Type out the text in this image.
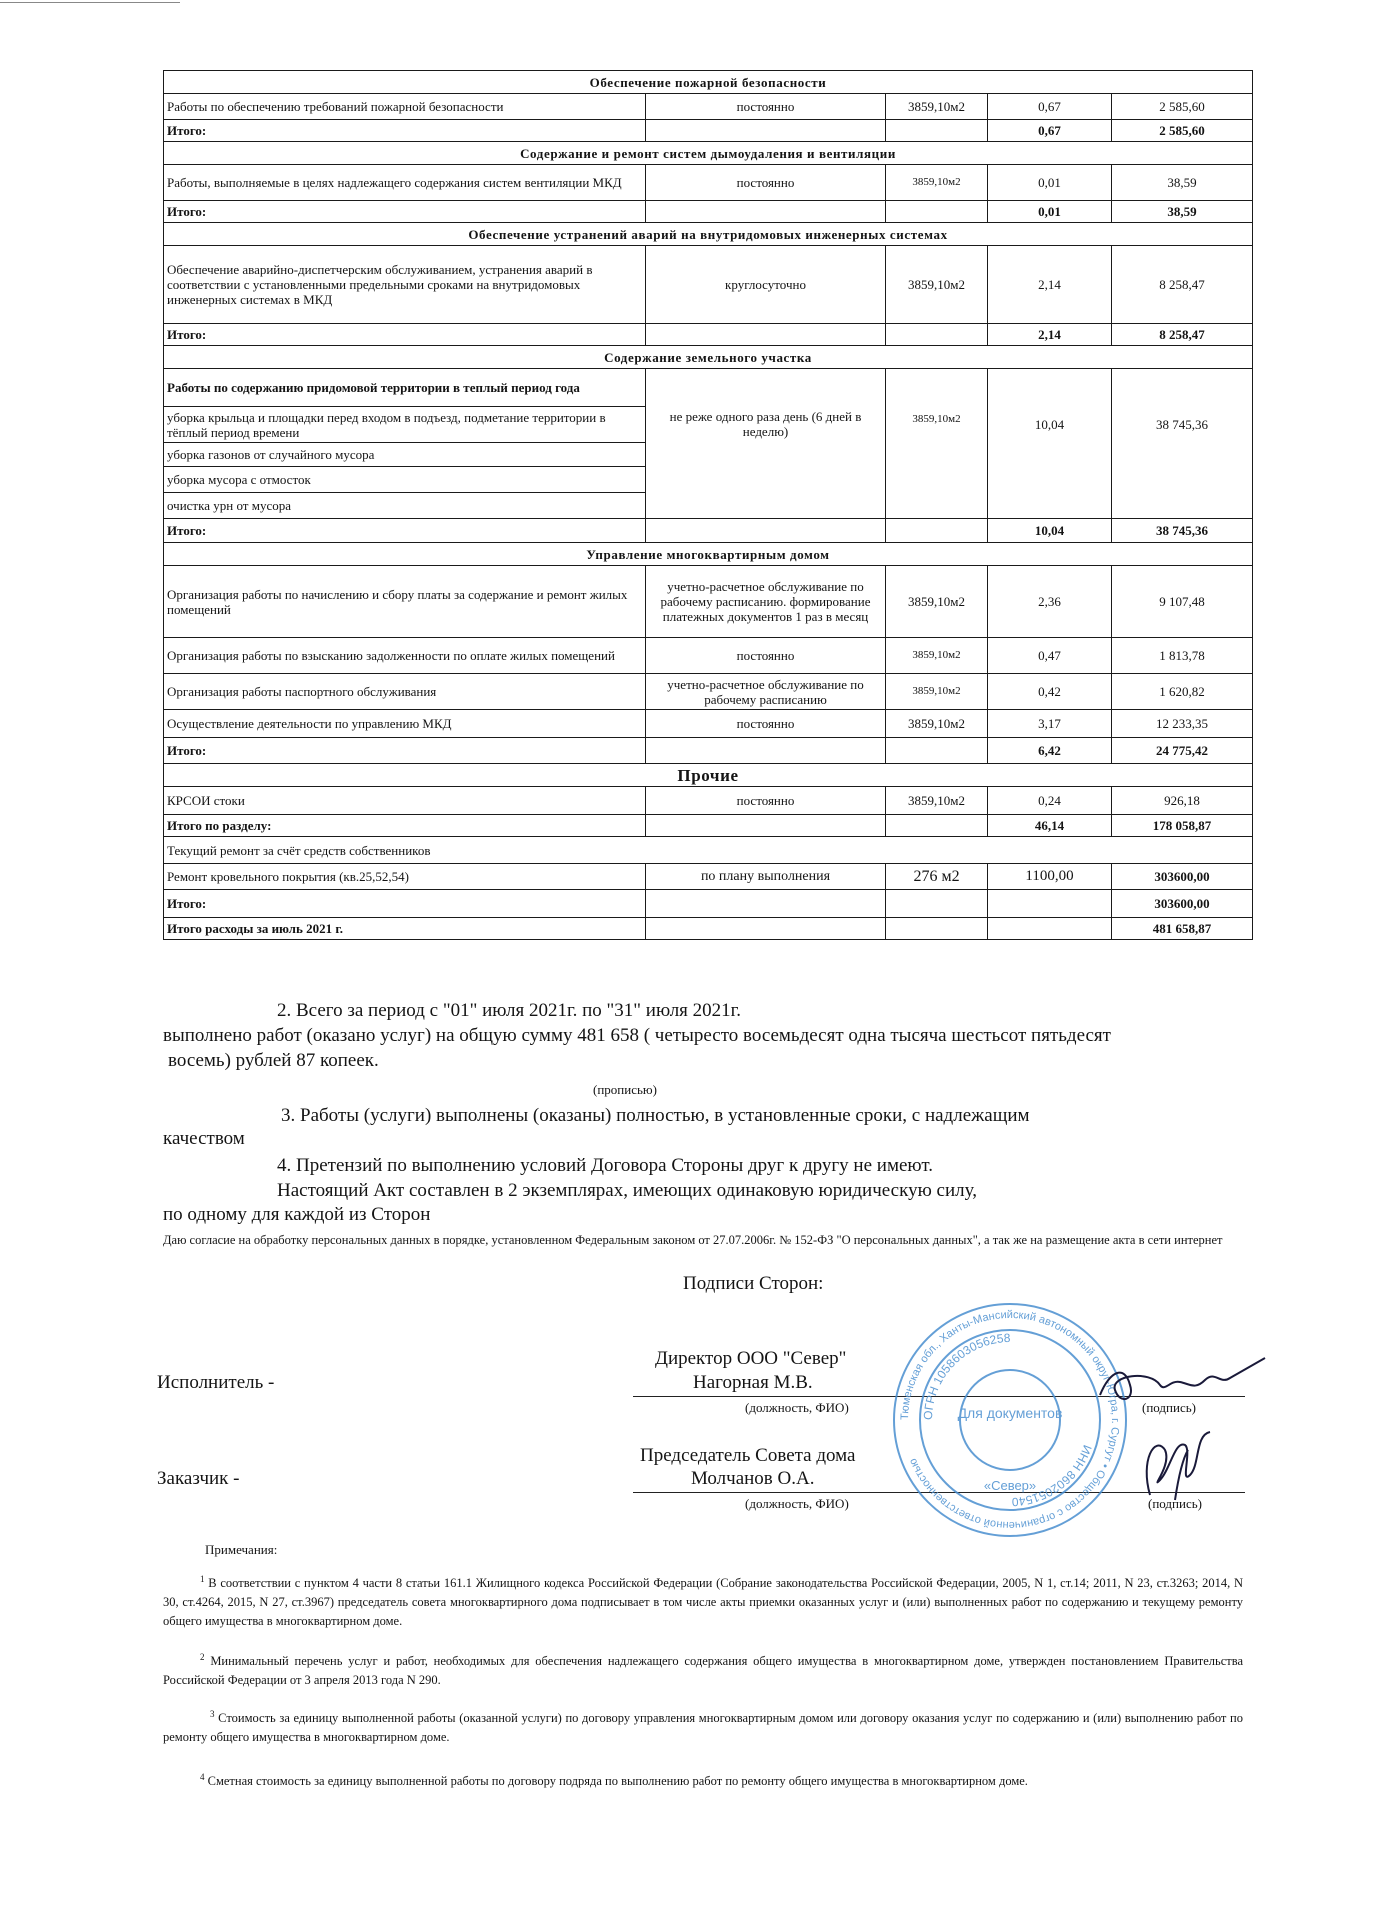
Обеспечение пожарной безопасности				
Работы по обеспечению требований пожарной безопасности	постоянно	3859,10м2	0,67	2 585,60
Итого:			0,67	2 585,60
Содержание и ремонт систем дымоудаления и вентиляции				
Работы, выполняемые в целях надлежащего содержания систем вентиляции МКД	постоянно	3859,10м2	0,01	38,59
Итого:			0,01	38,59
Обеспечение устранений аварий на внутридомовых инженерных системах				
Обеспечение аварийно-диспетчерским обслуживанием, устранения аварий в соответствии с установленными предельными сроками на внутридомовых инженерных системах в МКД	круглосуточно	3859,10м2	2,14	8 258,47
Итого:			2,14	8 258,47
Содержание земельного участка				
Работы по содержанию придомовой территории в теплый период года	не реже одного раза день (6 дней в неделю)	3859,10м2	10,04	38 745,36
уборка крыльца и площадки перед входом в подъезд, подметание территории в тёплый период времени				
уборка газонов от случайного мусора				
уборка мусора с отмосток				
очистка урн от мусора				
Итого:			10,04	38 745,36
Управление многоквартирным домом				
Организация работы по начислению и сбору платы за содержание и ремонт жилых помещений	учетно-расчетное обслуживание по рабочему расписанию. формирование платежных документов 1 раз в месяц	3859,10м2	2,36	9 107,48
Организация работы по взысканию задолженности по оплате жилых помещений	постоянно	3859,10м2	0,47	1 813,78
Организация работы паспортного обслуживания	учетно-расчетное обслуживание по рабочему расписанию	3859,10м2	0,42	1 620,82
Осуществление деятельности по управлению МКД	постоянно	3859,10м2	3,17	12 233,35
Итого:			6,42	24 775,42
Прочие				
КРСОИ стоки	постоянно	3859,10м2	0,24	926,18
Итого по разделу:			46,14	178 058,87
Текущий ремонт за счёт средств собственников				
Ремонт кровельного покрытия (кв.25,52,54)	по плану выполнения	276 м2	1100,00	303600,00
Итого:				303600,00
Итого расходы за июль 2021 г.				481 658,87
2. Всего за период с "01" июля 2021г. по "31" июля 2021г.
выполнено работ (оказано услуг) на общую сумму 481 658 ( четыресто восемьдесят одна тысяча шестьсот пятьдесят
восемь) рублей 87 копеек.
(прописью)
3. Работы (услуги) выполнены (оказаны) полностью, в установленные сроки, с надлежащим
качеством
4. Претензий по выполнению условий Договора Стороны друг к другу не имеют.
Настоящий Акт составлен в 2 экземплярах, имеющих одинаковую юридическую силу,
по одному для каждой из Сторон
Даю согласие на обработку персональных данных в порядке, установленном Федеральным законом от 27.07.2006г. № 152-ФЗ "О персональных данных", а так же на размещение акта в сети интернет
Подписи Сторон:
Исполнитель -
Директор ООО "Север"
Нагорная М.В.
(должность, ФИО)	(подпись)
Заказчик -
Председатель Совета дома
Молчанов О.А.
(должность, ФИО)	(подпись)
Тюменская обл., Ханты-Мансийский автономный округ-Югра, г. Сургут • Общество с ограниченной ответственностью
ОГРН 1058603056258
ИНН 8602051540
Для документов
«Север»
Примечания:
$^1$ В соответствии с пунктом 4 части 8 статьи 161.1 Жилищного кодекса Российской Федерации (Собрание законодательства Российской Федерации, 2005, N 1, ст.14; 2011, N 23, ст.3263; 2014, N 30, ст.4264, 2015, N 27, ст.3967) председатель совета многоквартирного дома подписывает в том числе акты приемки оказанных услуг и (или) выполненных работ по содержанию и текущему ремонту общего имущества в многоквартирном доме.
$^2$ Минимальный перечень услуг и работ, необходимых для обеспечения надлежащего содержания общего имущества в многоквартирном доме, утвержден постановлением Правительства Российской Федерации от 3 апреля 2013 года N 290.
$^3$ Стоимость за единицу выполненной работы (оказанной услуги) по договору управления многоквартирным домом или договору оказания услуг по содержанию и (или) выполнению работ по ремонту общего имущества в многоквартирном доме.
$^4$ Сметная стоимость за единицу выполненной работы по договору подряда по выполнению работ по ремонту общего имущества в многоквартирном доме.
